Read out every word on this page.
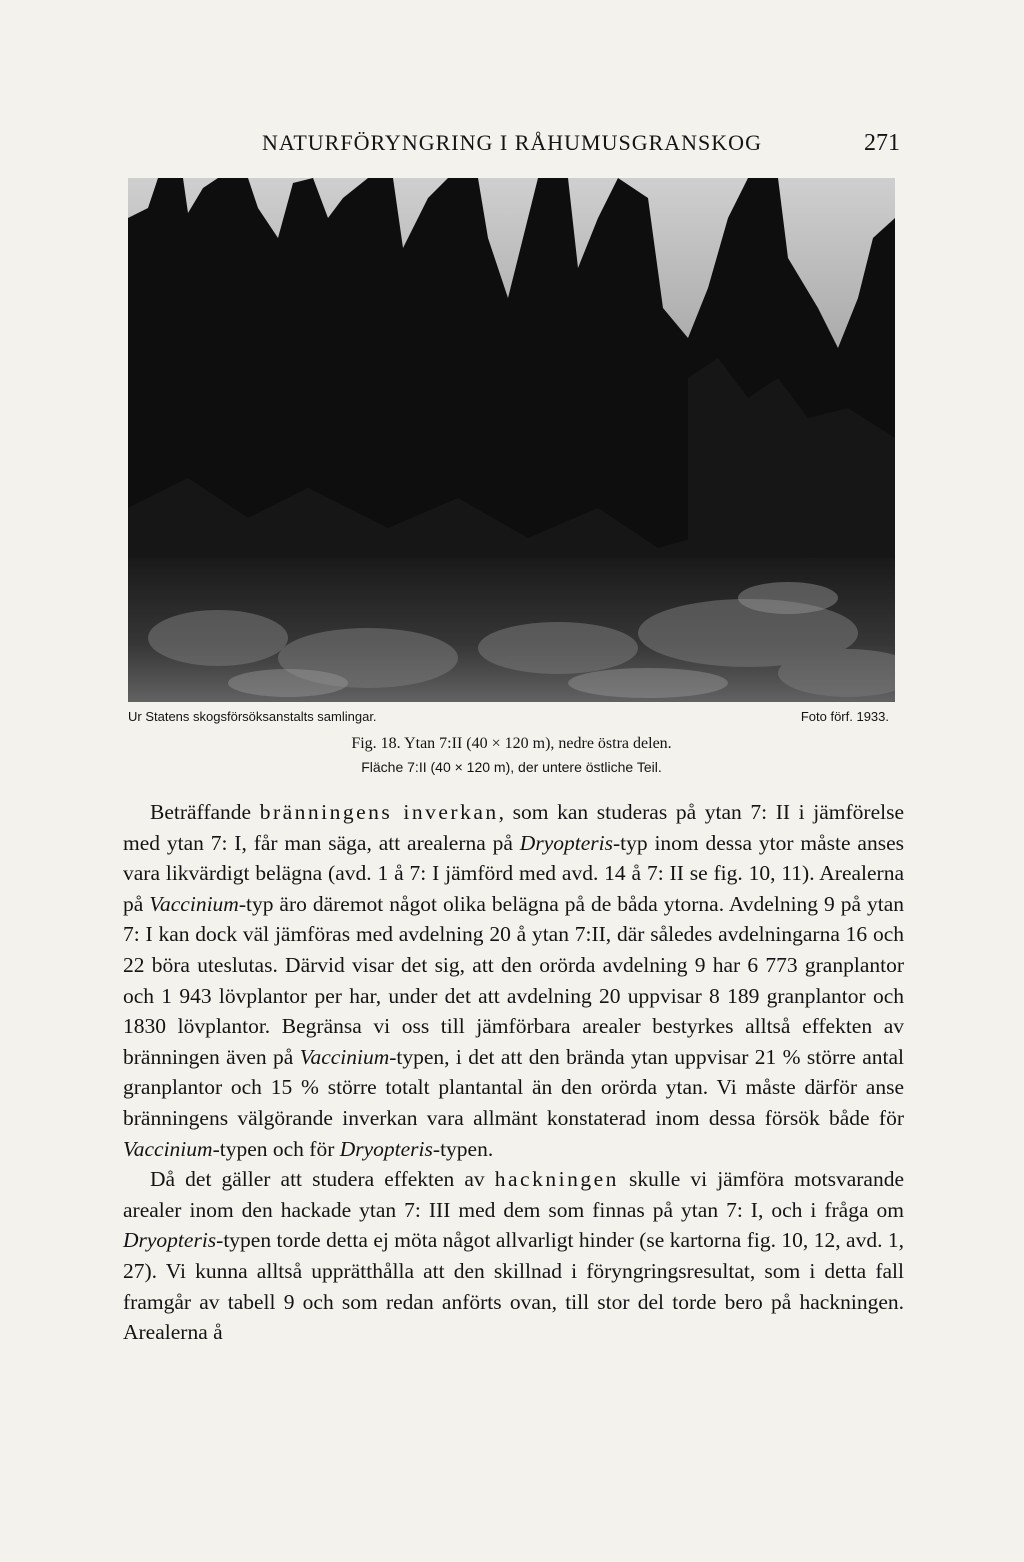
NATURFÖRYNGRING I RÅHUMUSGRANSKOG	271
Ur Statens skogsförsöksanstalts samlingar.	Foto förf. 1933.
Fig. 18. Ytan 7:II (40 × 120 m), nedre östra delen.
Fläche 7:II (40 × 120 m), der untere östliche Teil.

Beträffande bränningens inverkan, som kan studeras på ytan 7: II i jämförelse med ytan 7: I, får man säga, att arealerna på Dryopteris-typ inom dessa ytor måste anses vara likvärdigt belägna (avd. 1 å 7: I jämförd med avd. 14 å 7: II se fig. 10, 11). Arealerna på Vaccinium-typ äro däremot något olika belägna på de båda ytorna. Avdelning 9 på ytan 7: I kan dock väl jämföras med avdelning 20 å ytan 7:II, där således avdelningarna 16 och 22 böra uteslutas. Därvid visar det sig, att den orörda avdelning 9 har 6 773 granplantor och 1 943 lövplantor per har, under det att avdelning 20 uppvisar 8 189 granplantor och 1830 lövplantor. Begränsa vi oss till jämförbara arealer bestyrkes alltså effekten av bränningen även på Vaccinium-typen, i det att den brända ytan uppvisar 21 % större antal granplantor och 15 % större totalt plantantal än den orörda ytan. Vi måste därför anse bränningens välgörande inverkan vara allmänt konstaterad inom dessa försök både för Vaccinium-typen och för Dryopteris-typen.

Då det gäller att studera effekten av hackningen skulle vi jämföra motsvarande arealer inom den hackade ytan 7: III med dem som finnas på ytan 7: I, och i fråga om Dryopteris-typen torde detta ej möta något allvarligt hinder (se kartorna fig. 10, 12, avd. 1, 27). Vi kunna alltså upprätthålla att den skillnad i föryngringsresultat, som i detta fall framgår av tabell 9 och som redan anförts ovan, till stor del torde bero på hackningen. Arealerna å
